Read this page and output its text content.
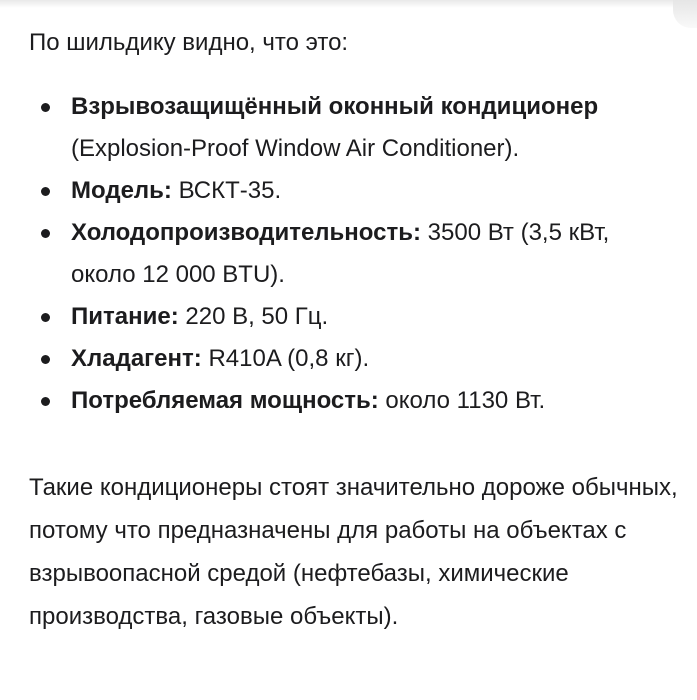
По шильдику видно, что это:

Взрывозащищённый оконный кондиционер (Explosion-Proof Window Air Conditioner).
Модель: ВСКТ-35.
Холодопроизводительность: 3500 Вт (3,5 кВт, около 12 000 BTU).
Питание: 220 В, 50 Гц.
Хладагент: R410A (0,8 кг).
Потребляемая мощность: около 1130 Вт.

Такие кондиционеры стоят значительно дороже обычных, потому что предназначены для работы на объектах с взрывоопасной средой (нефтебазы, химические производства, газовые объекты).
